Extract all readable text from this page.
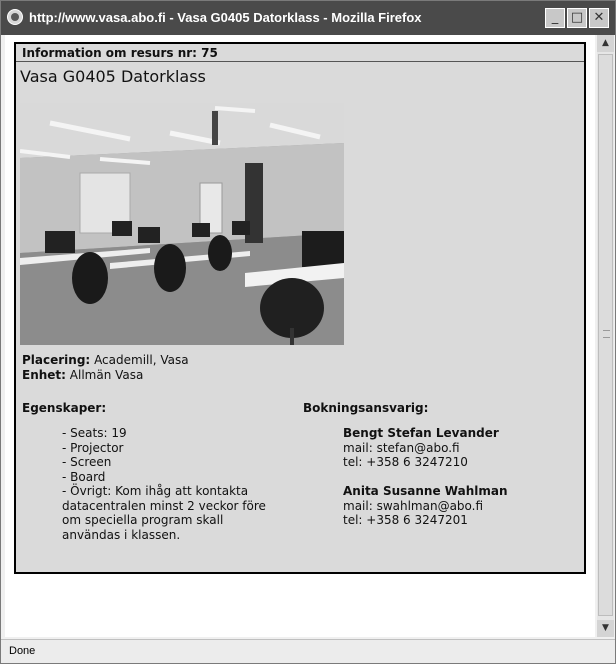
http://www.vasa.abo.fi - Vasa G0405 Datorklass - Mozilla Firefox	_ □ ✕
Information om resurs nr: 75
Vasa G0405 Datorklass
Placering: Academill, Vasa
Enhet: Allmän Vasa
Egenskaper:	Bokningsansvarig:
- Seats: 19
- Projector
- Screen
- Board
- Övrigt: Kom ihåg att kontakta datacentralen minst 2 veckor före om speciella program skall användas i klassen.
Bengt Stefan Levander
mail: stefan@abo.fi
tel: +358 6 3247210
Anita Susanne Wahlman
mail: swahlman@abo.fi
tel: +358 6 3247201
▲
▼
Done
